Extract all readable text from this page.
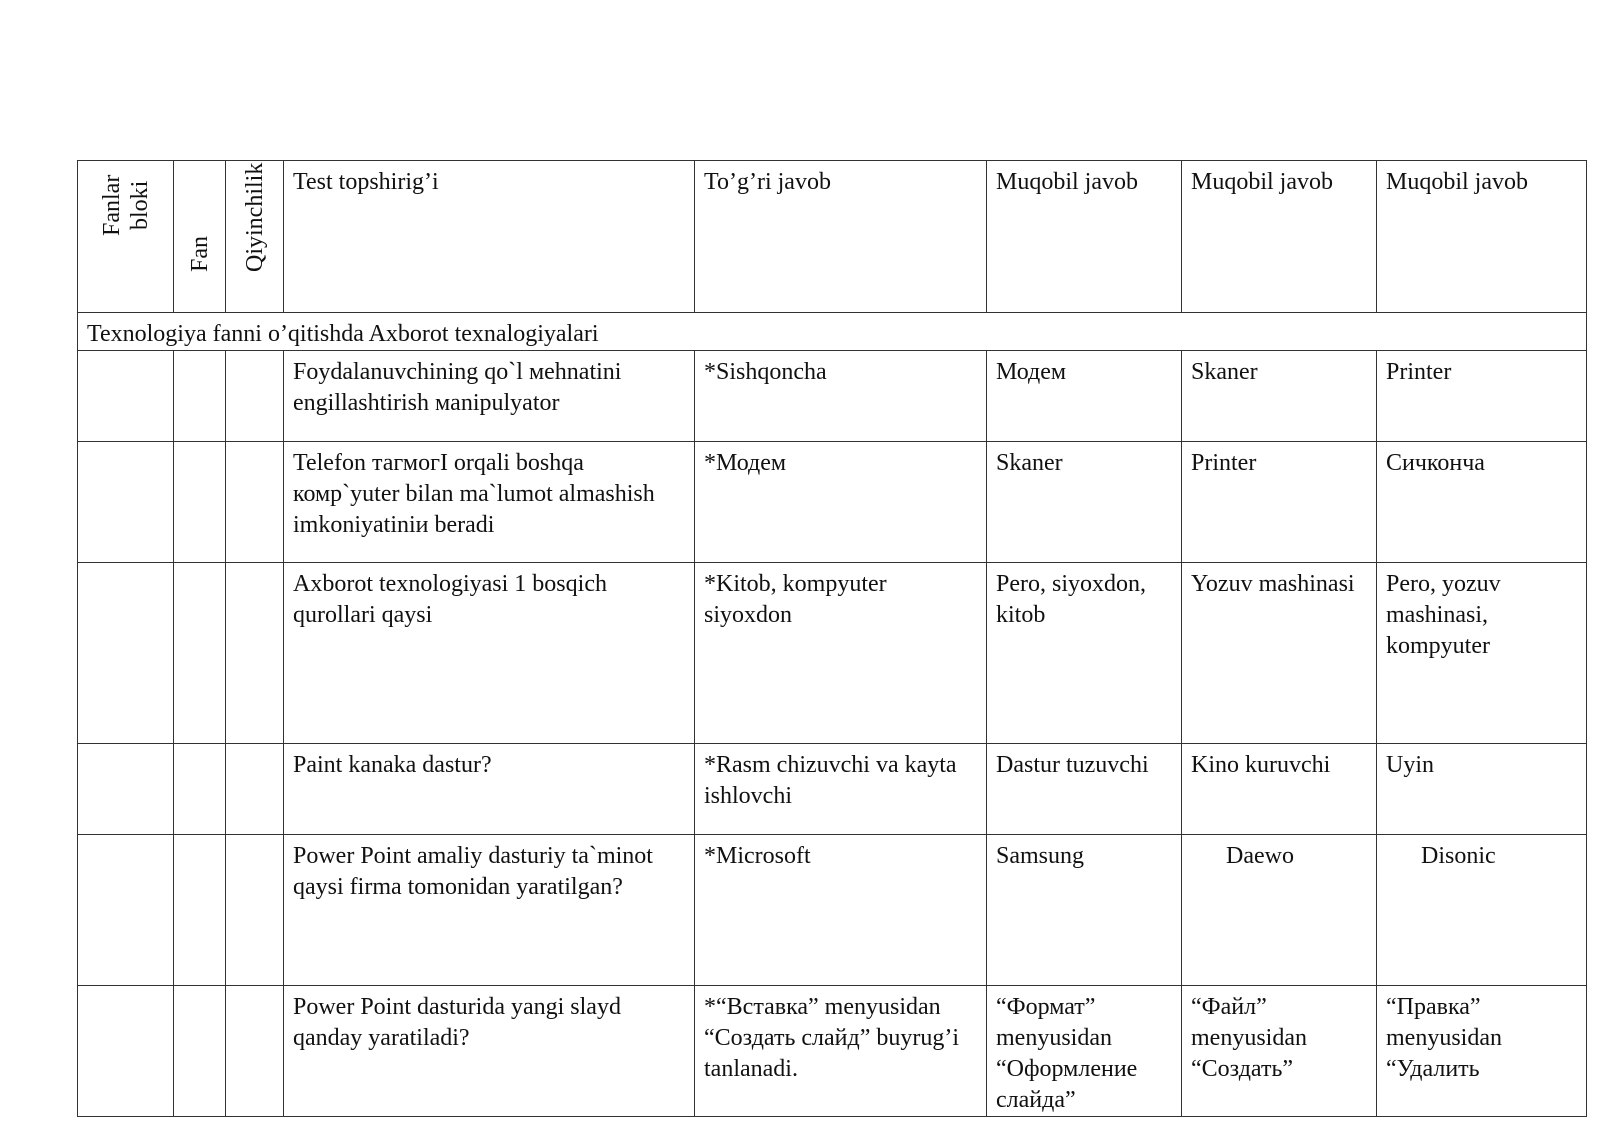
Fanlar
bloki	Fan	Qiyinchilik	Test topshirig’i	To’g’ri javob	Muqobil javob	Muqobil javob	Muqobil javob
Texnologiya fanni o’qitishda Axborot texnalogiyalari							
			Foydalanuvchining qo`l мehnatini engillashtirish мanipulyator	*Sishqoncha	Модем	Skaner	Printer
			Telefon тагмогI orqali boshqa комр`yuter bilan ma`lumot almashish imkoniyatiniи beradi	*Модем	Skaner	Printer	Сичконча
			Axborot texnologiyasi 1 bosqich qurollari qaysi	*Kitob, kompyuter siyoxdon	Pero, siyoxdon, kitob	Yozuv mashinasi	Pero, yozuv mashinasi, kompyuter
			Paint kanaka dastur?	*Rasm chizuvchi va kayta ishlovchi	Dastur tuzuvchi	Kino kuruvchi	Uyin
			Power Point amaliy dasturiy ta`minot qaysi firma tomonidan yaratilgan?	*Microsoft	Samsung	Daewo	Disonic
			Power Point dasturida yangi slayd qanday yaratiladi?	*“Вставка” menyusidan “Создать слайд” buyrug’i tanlanadi.	“Формат” menyusidan “Оформление слайда”	“Файл” menyusidan “Создать”	“Правка” menyusidan “Удалить
